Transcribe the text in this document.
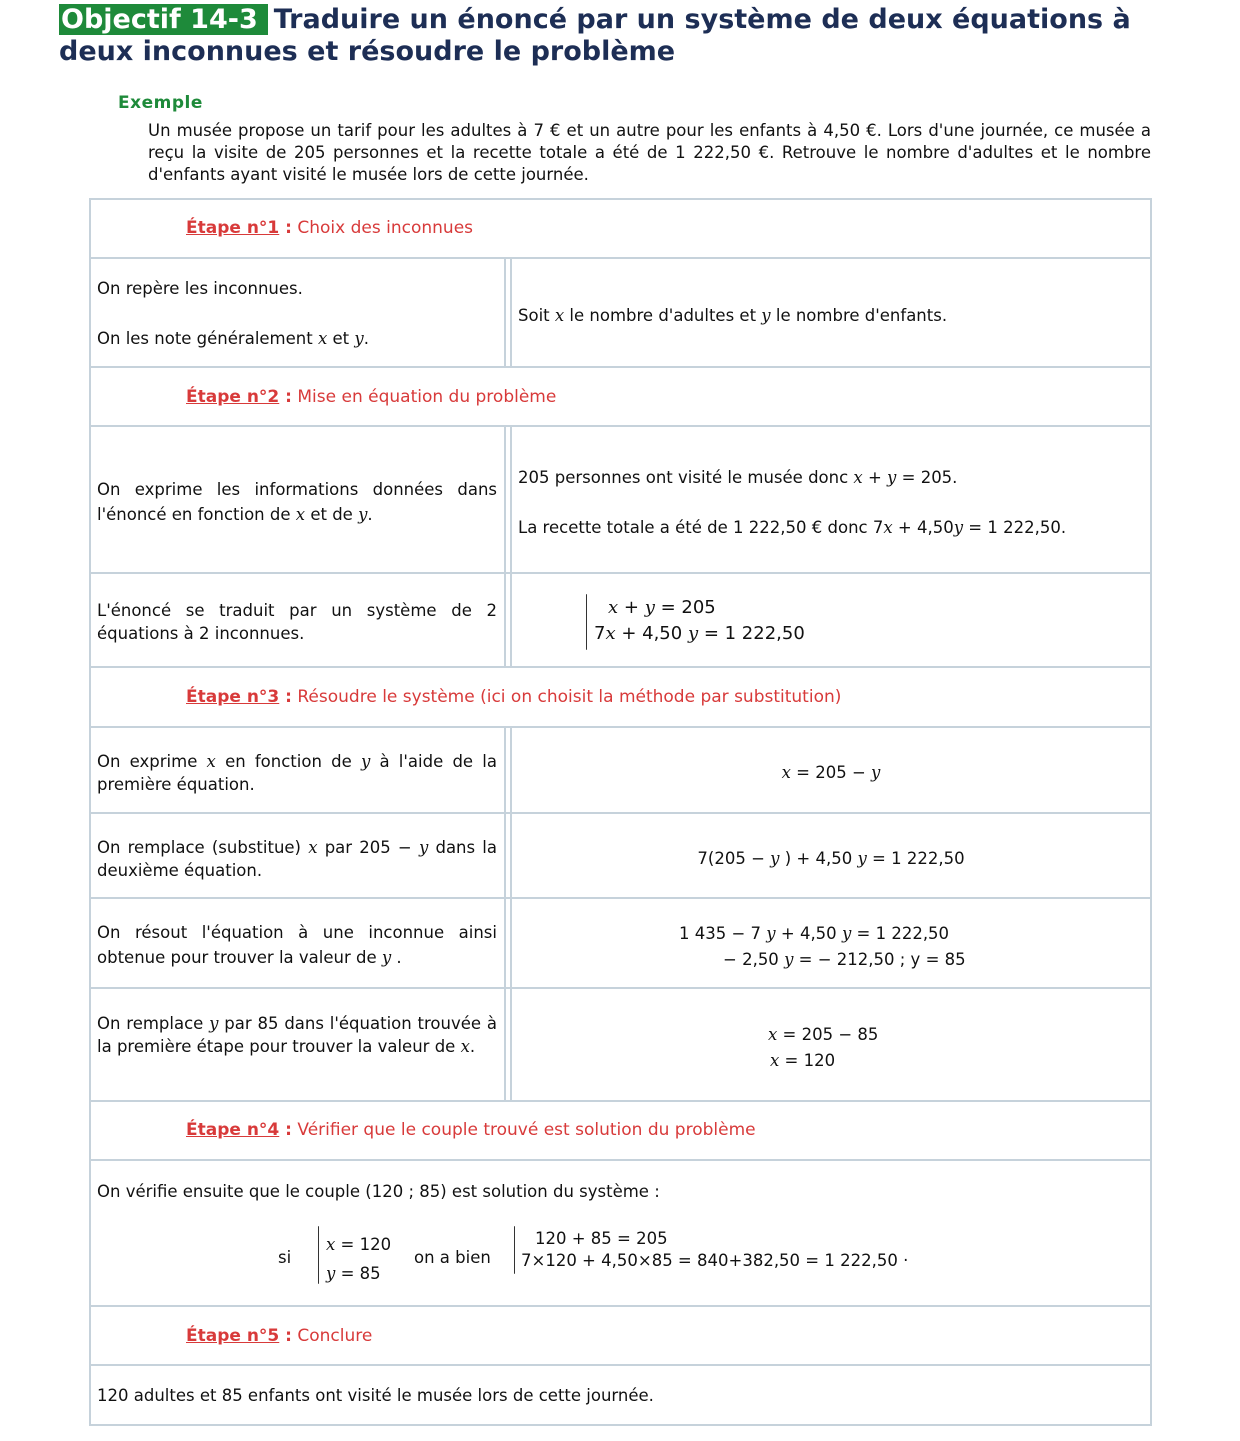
Objectif 14-3 Traduire un énoncé par un système de deux équations à deux inconnues et résoudre le problème
Exemple
Un musée propose un tarif pour les adultes à 7 € et un autre pour les enfants à 4,50 €. Lors d'une journée, ce musée a reçu la visite de 205 personnes et la recette totale a été de 1 222,50 €. Retrouve le nombre d'adultes et le nombre d'enfants ayant visité le musée lors de cette journée.
Étape n°1 : Choix des inconnues
On repère les inconnues.
On les note généralement x et y.
Soit x le nombre d'adultes et y le nombre d'enfants.
Étape n°2 : Mise en équation du problème
On exprime les informations données dans l'énoncé en fonction de x et de y.
205 personnes ont visité le musée donc x + y = 205.
La recette totale a été de 1 222,50 € donc 7x + 4,50y = 1 222,50.
L'énoncé se traduit par un système de 2 équations à 2 inconnues.
x + y = 205
7x + 4,50 y = 1 222,50
Étape n°3 : Résoudre le système (ici on choisit la méthode par substitution)
On exprime x en fonction de y à l'aide de la première équation.
x = 205 − y
On remplace (substitue) x par 205 − y dans la deuxième équation.
7(205 − y ) + 4,50 y = 1 222,50
On résout l'équation à une inconnue ainsi obtenue pour trouver la valeur de y .
1 435 − 7 y + 4,50 y = 1 222,50
− 2,50 y = − 212,50 ; y = 85
On remplace y par 85 dans l'équation trouvée à la première étape pour trouver la valeur de x.
x = 205 − 85
x = 120
Étape n°4 : Vérifier que le couple trouvé est solution du problème
On vérifie ensuite que le couple (120 ; 85) est solution du système :
si
x = 120
y = 85
on a bien
120 + 85 = 205
7×120 + 4,50×85 = 840+382,50 = 1 222,50 ·
Étape n°5 : Conclure
120 adultes et 85 enfants ont visité le musée lors de cette journée.
